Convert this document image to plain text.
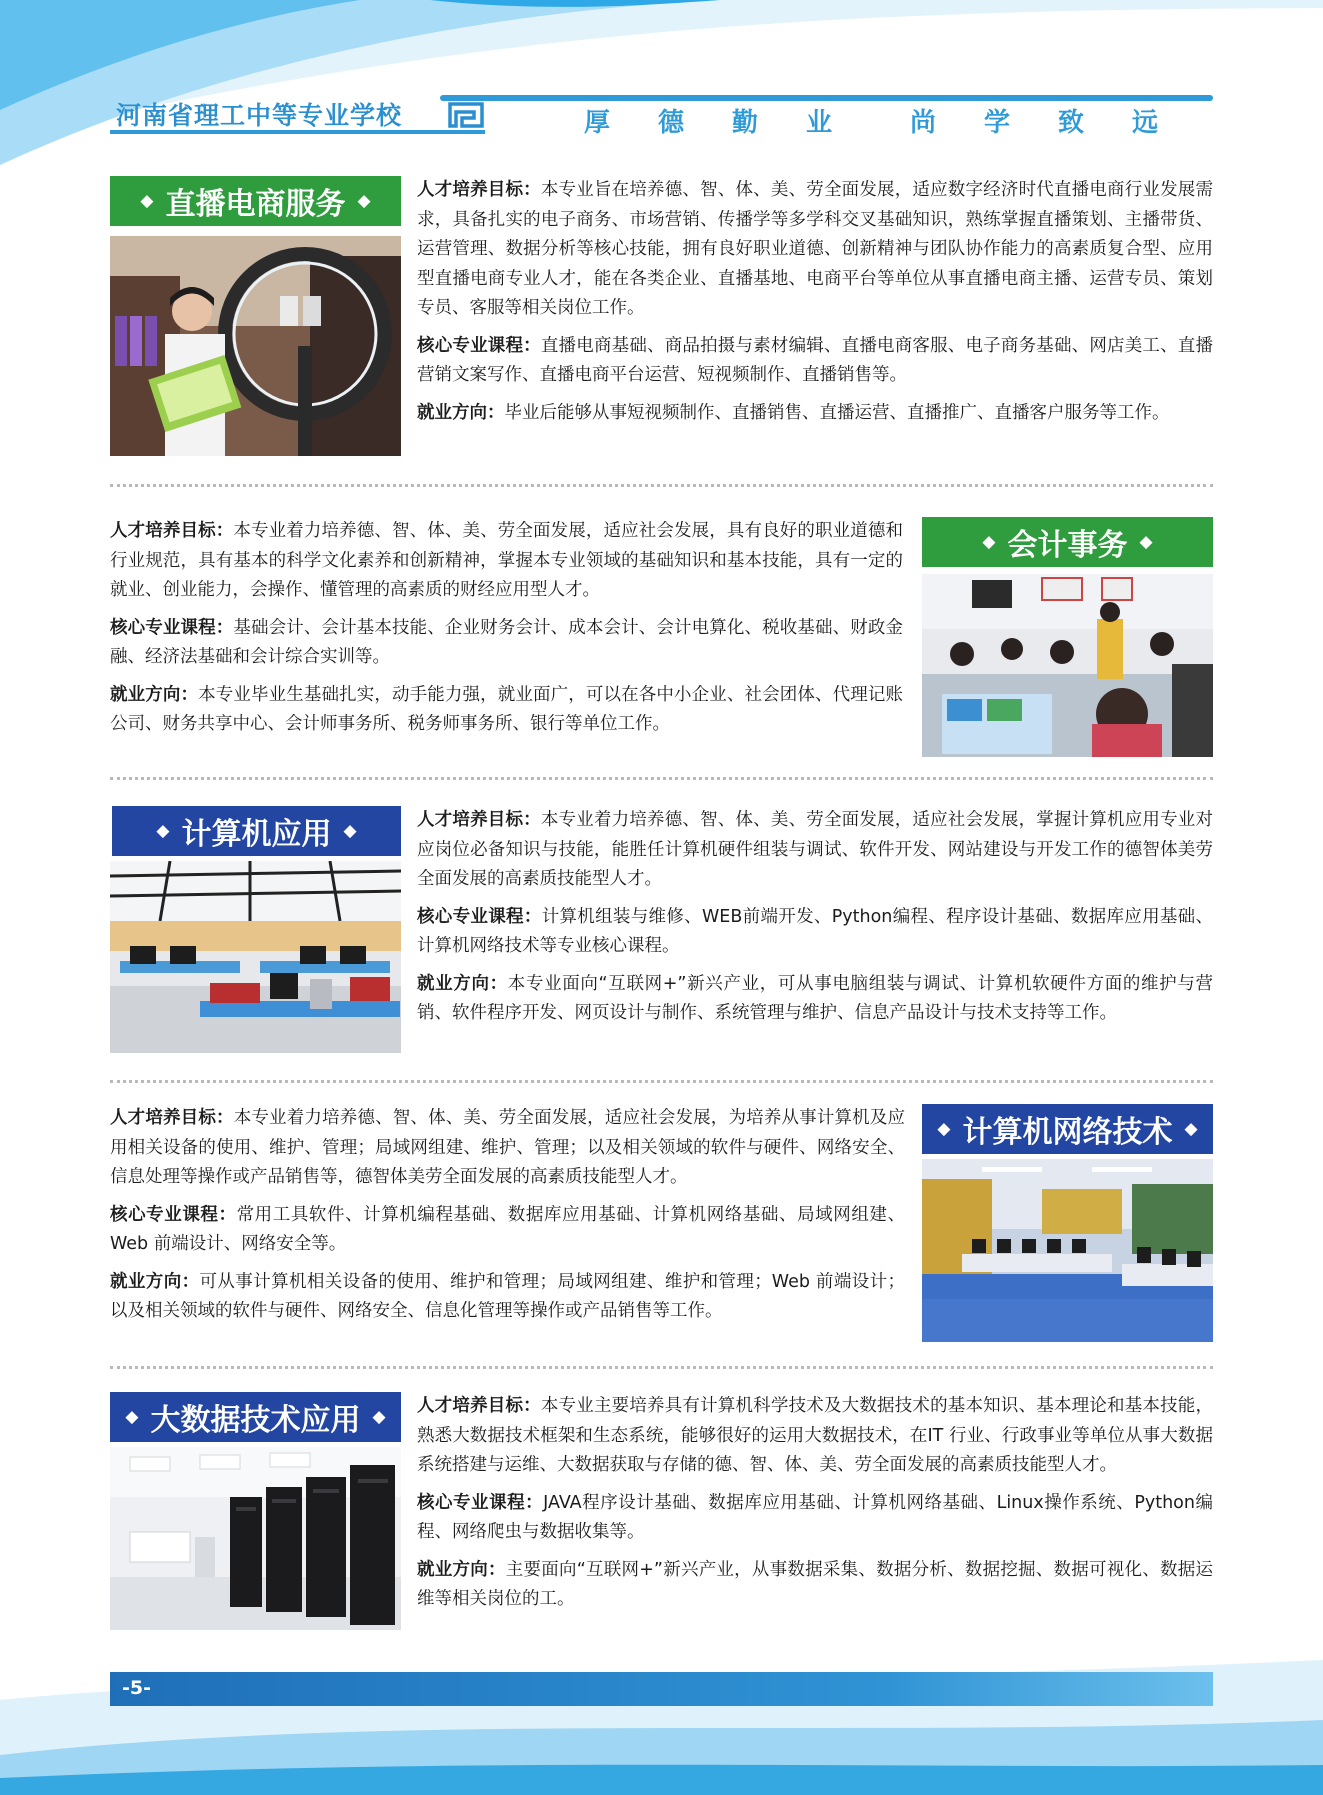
河南省理工中等专业学校	厚	德	勤	业	尚	学	致	远
◆ 直播电商服务 ◆

人才培养目标：本专业旨在培养德、智、体、美、劳全面发展，适应数字经济时代直播电商行业发展需求，具备扎实的电子商务、市场营销、传播学等多学科交叉基础知识，熟练掌握直播策划、主播带货、运营管理、数据分析等核心技能，拥有良好职业道德、创新精神与团队协作能力的高素质复合型、应用型直播电商专业人才，能在各类企业、直播基地、电商平台等单位从事直播电商主播、运营专员、策划专员、客服等相关岗位工作。

核心专业课程：直播电商基础、商品拍摄与素材编辑、直播电商客服、电子商务基础、网店美工、直播营销文案写作、直播电商平台运营、短视频制作、直播销售等。

就业方向：毕业后能够从事短视频制作、直播销售、直播运营、直播推广、直播客户服务等工作。

人才培养目标：本专业着力培养德、智、体、美、劳全面发展，适应社会发展，具有良好的职业道德和行业规范，具有基本的科学文化素养和创新精神，掌握本专业领域的基础知识和基本技能，具有一定的就业、创业能力，会操作、懂管理的高素质的财经应用型人才。

核心专业课程：基础会计、会计基本技能、企业财务会计、成本会计、会计电算化、税收基础、财政金融、经济法基础和会计综合实训等。

就业方向：本专业毕业生基础扎实，动手能力强，就业面广，可以在各中小企业、社会团体、代理记账公司、财务共享中心、会计师事务所、税务师事务所、银行等单位工作。

◆ 会计事务 ◆
◆ 计算机应用 ◆

人才培养目标：本专业着力培养德、智、体、美、劳全面发展，适应社会发展，掌握计算机应用专业对应岗位必备知识与技能，能胜任计算机硬件组装与调试、软件开发、网站建设与开发工作的德智体美劳全面发展的高素质技能型人才。

核心专业课程：计算机组装与维修、WEB前端开发、Python编程、程序设计基础、数据库应用基础、计算机网络技术等专业核心课程。

就业方向：本专业面向“互联网+”新兴产业，可从事电脑组装与调试、计算机软硬件方面的维护与营销、软件程序开发、网页设计与制作、系统管理与维护、信息产品设计与技术支持等工作。

人才培养目标：本专业着力培养德、智、体、美、劳全面发展，适应社会发展，为培养从事计算机及应用相关设备的使用、维护、管理；局域网组建、维护、管理；以及相关领域的软件与硬件、网络安全、信息处理等操作或产品销售等，德智体美劳全面发展的高素质技能型人才。

核心专业课程：常用工具软件、计算机编程基础、数据库应用基础、计算机网络基础、局域网组建、Web 前端设计、网络安全等。

就业方向：可从事计算机相关设备的使用、维护和管理；局域网组建、维护和管理；Web 前端设计；以及相关领域的软件与硬件、网络安全、信息化管理等操作或产品销售等工作。

◆ 计算机网络技术 ◆
◆ 大数据技术应用 ◆

人才培养目标：本专业主要培养具有计算机科学技术及大数据技术的基本知识、基本理论和基本技能，熟悉大数据技术框架和生态系统，能够很好的运用大数据技术，在IT 行业、行政事业等单位从事大数据系统搭建与运维、大数据获取与存储的德、智、体、美、劳全面发展的高素质技能型人才。

核心专业课程：JAVA程序设计基础、数据库应用基础、计算机网络基础、Linux操作系统、Python编程、网络爬虫与数据收集等。

就业方向：主要面向“互联网+”新兴产业，从事数据采集、数据分析、数据挖掘、数据可视化、数据运维等相关岗位的工。

-5-
